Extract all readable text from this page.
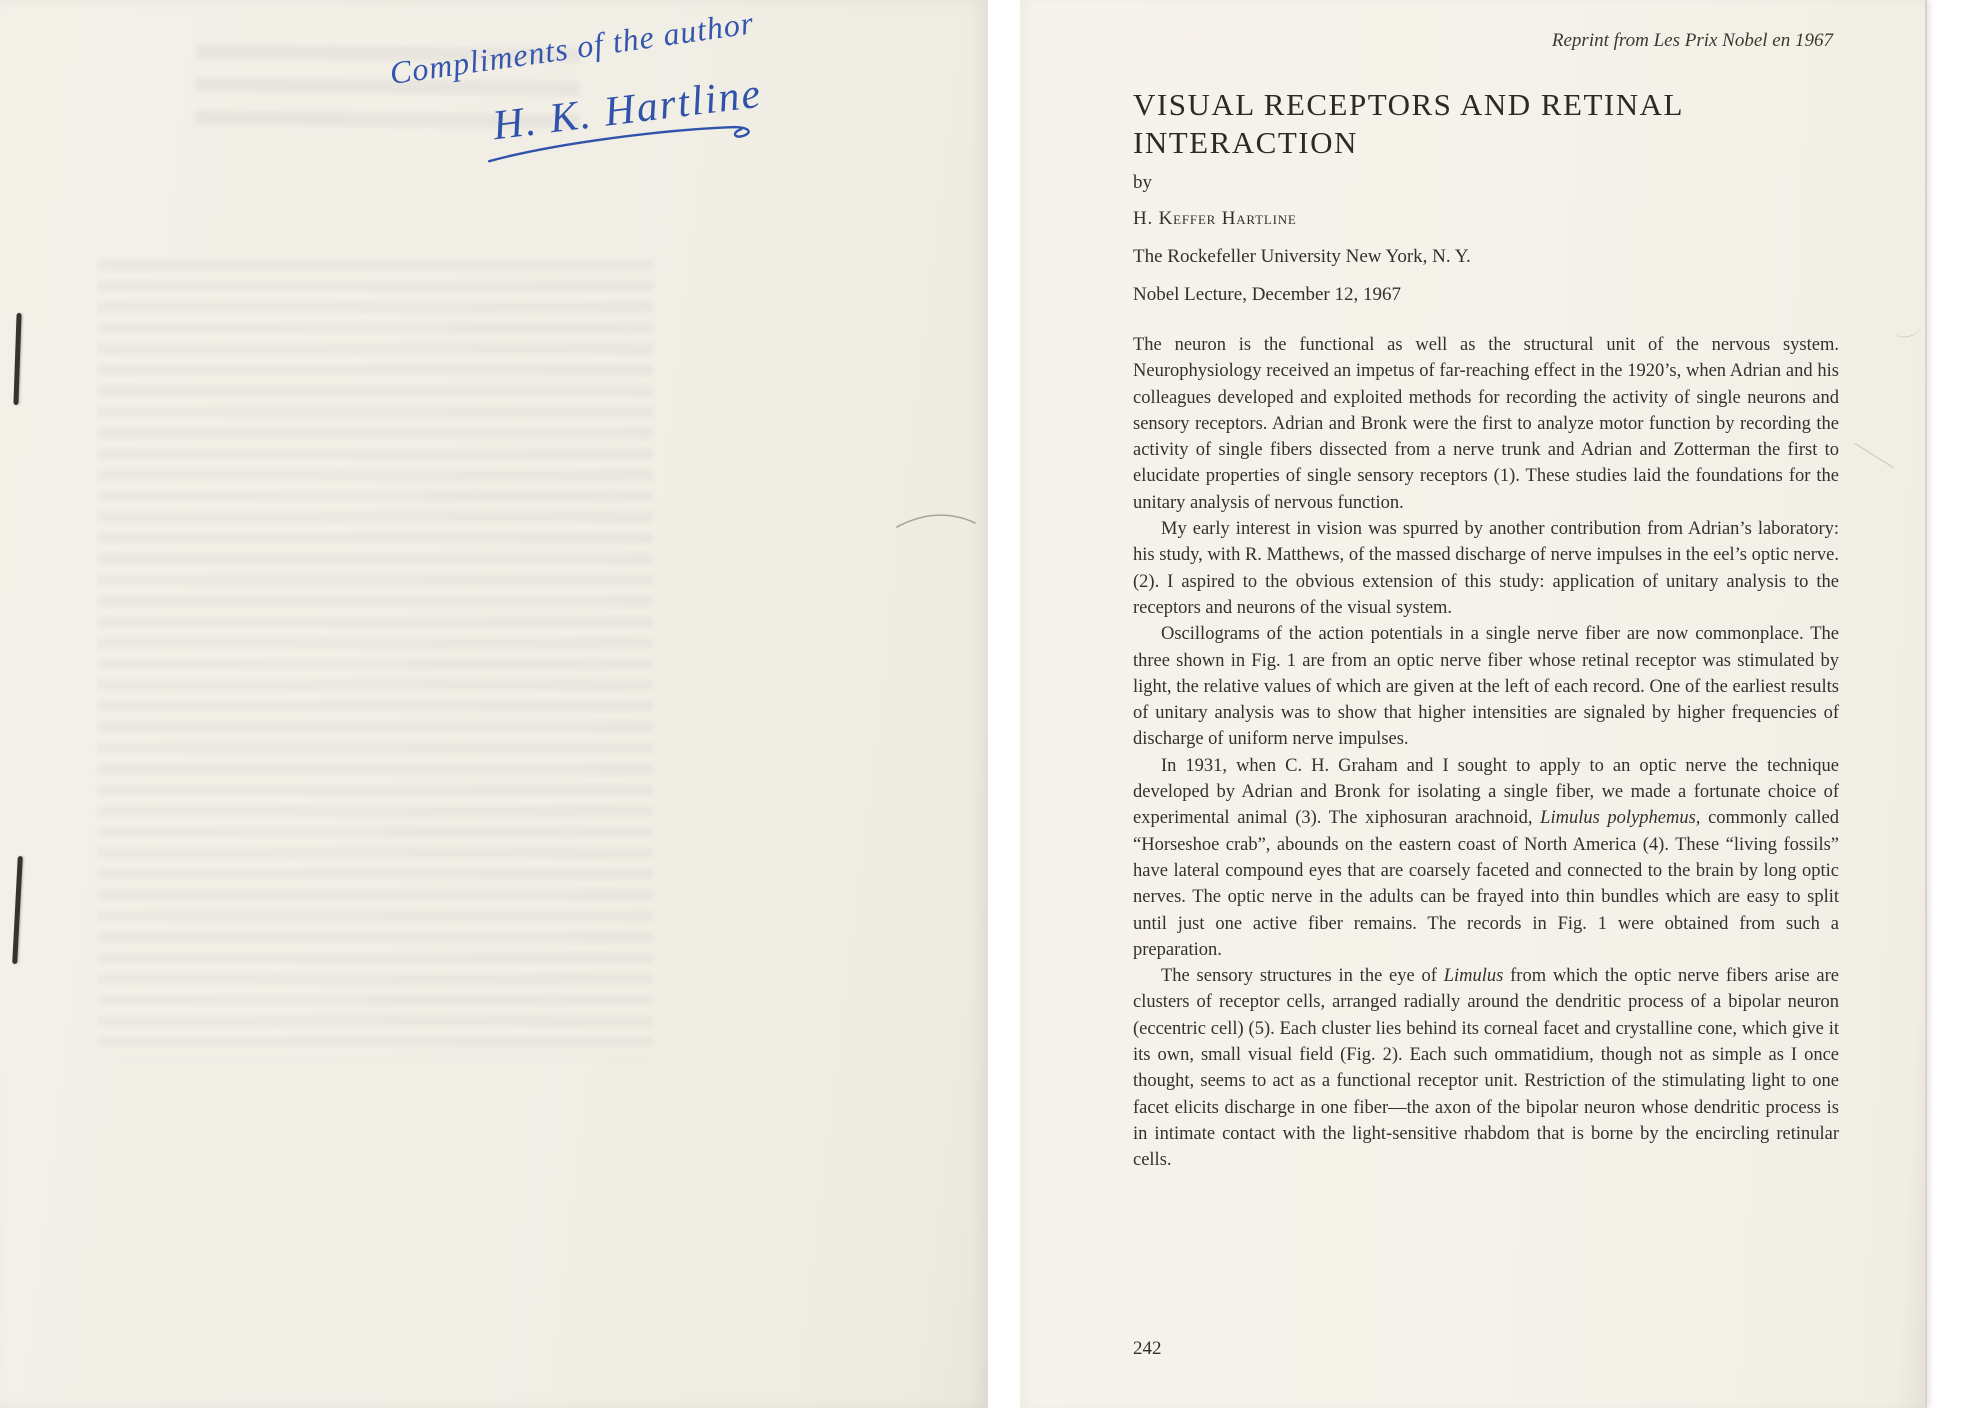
Compliments of the author
H. K. Hartline
Reprint from Les Prix Nobel en 1967
VISUAL RECEPTORS AND RETINAL INTERACTION
by
H. Keffer Hartline
The Rockefeller University New York, N. Y.
Nobel Lecture, December 12, 1967

The neuron is the functional as well as the structural unit of the nervous system. Neurophysiology received an impetus of far-reaching effect in the 1920’s, when Adrian and his colleagues developed and exploited methods for recording the activity of single neurons and sensory receptors. Adrian and Bronk were the first to analyze motor function by recording the activity of single fibers dissected from a nerve trunk and Adrian and Zotterman the first to elucidate properties of single sensory receptors (1). These studies laid the foundations for the unitary analysis of nervous function.

My early interest in vision was spurred by another contribution from Adrian’s laboratory: his study, with R. Matthews, of the massed discharge of nerve impulses in the eel’s optic nerve. (2). I aspired to the obvious extension of this study: application of unitary analysis to the receptors and neurons of the visual system.

Oscillograms of the action potentials in a single nerve fiber are now commonplace. The three shown in Fig. 1 are from an optic nerve fiber whose retinal receptor was stimulated by light, the relative values of which are given at the left of each record. One of the earliest results of unitary analysis was to show that higher intensities are signaled by higher frequencies of discharge of uniform nerve impulses.

In 1931, when C. H. Graham and I sought to apply to an optic nerve the technique developed by Adrian and Bronk for isolating a single fiber, we made a fortunate choice of experimental animal (3). The xiphosuran arachnoid, Limulus polyphemus, commonly called “Horseshoe crab”, abounds on the eastern coast of North America (4). These “living fossils” have lateral compound eyes that are coarsely faceted and connected to the brain by long optic nerves. The optic nerve in the adults can be frayed into thin bundles which are easy to split until just one active fiber remains. The records in Fig. 1 were obtained from such a preparation.

The sensory structures in the eye of Limulus from which the optic nerve fibers arise are clusters of receptor cells, arranged radially around the dendritic process of a bipolar neuron (eccentric cell) (5). Each cluster lies behind its corneal facet and crystalline cone, which give it its own, small visual field (Fig. 2). Each such ommatidium, though not as simple as I once thought, seems to act as a functional receptor unit. Restriction of the stimulating light to one facet elicits discharge in one fiber—the axon of the bipolar neuron whose dendritic process is in intimate contact with the light-sensitive rhabdom that is borne by the encircling retinular cells.

242
